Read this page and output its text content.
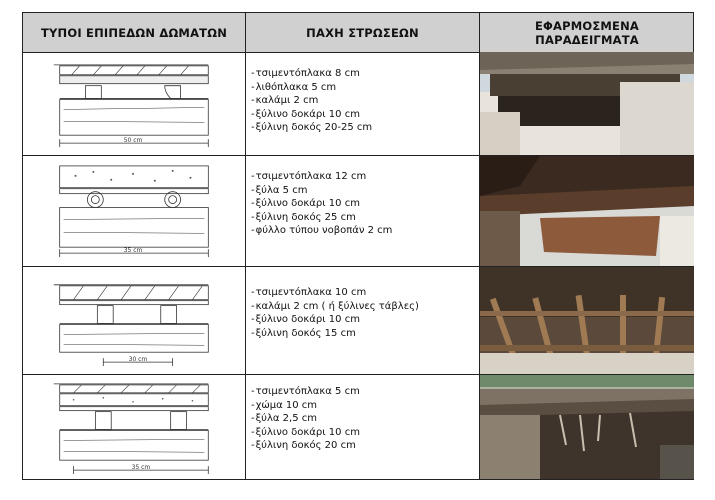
ΤΥΠΟΙ ΕΠΙΠΕΔΩΝ ΔΩΜΑΤΩΝ	ΠΑΧΗ ΣΤΡΩΣΕΩΝ	ΕΦΑΡΜΟΣΜΕΝΑ
ΠΑΡΑΔΕΙΓΜΑΤΑ
50 cm
- τσιμεντόπλακα 8 cm
- λιθόπλακα 5 cm
- καλάμι 2 cm
- ξύλινο δοκάρι 10 cm
- ξύλινη δοκός 20-25 cm
35 cm
- τσιμεντόπλακα 12 cm
- ξύλα 5 cm
- ξύλινο δοκάρι 10 cm
- ξύλινη δοκός 25 cm
- φύλλο τύπου νοβοπάν 2 cm
30 cm
- τσιμεντόπλακα 10 cm
- καλάμι 2 cm ( ή ξύλινες τάβλες)
- ξύλινο δοκάρι 10 cm
- ξύλινη δοκός 15 cm
35 cm
- τσιμεντόπλακα 5 cm
- χώμα 10 cm
- ξύλα 2,5 cm
- ξύλινο δοκάρι 10 cm
- ξύλινη δοκός 20 cm
